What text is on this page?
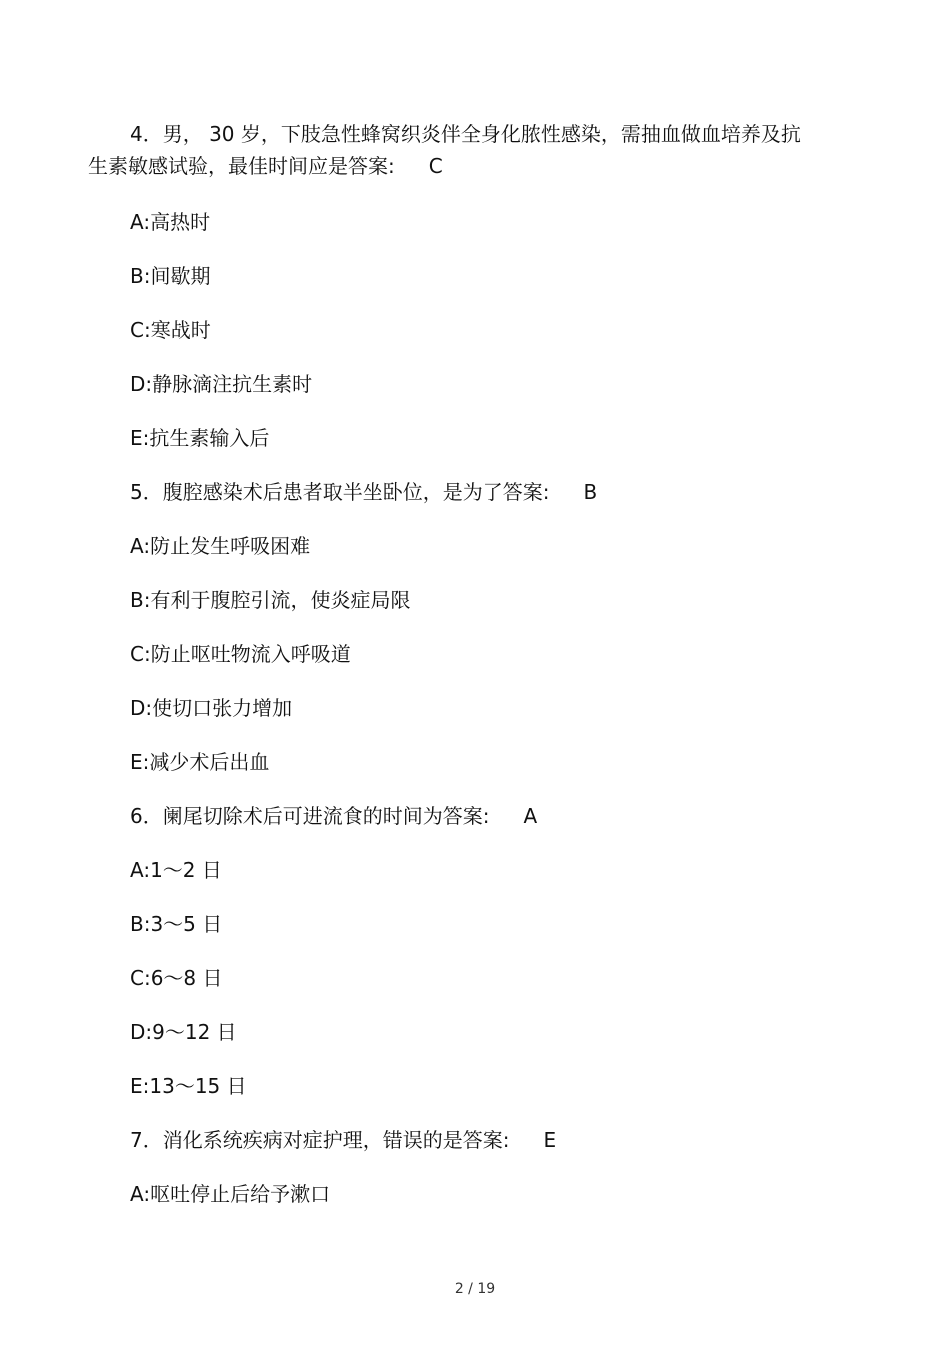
4．男， 30 岁，下肢急性蜂窝织炎伴全身化脓性感染，需抽血做血培养及抗
生素敏感试验，最佳时间应是答案: C
A:高热时
B:间歇期
C:寒战时
D:静脉滴注抗生素时
E:抗生素输入后
5．腹腔感染术后患者取半坐卧位，是为了答案: B
A:防止发生呼吸困难
B:有利于腹腔引流，使炎症局限
C:防止呕吐物流入呼吸道
D:使切口张力增加
E:减少术后出血
6．阑尾切除术后可进流食的时间为答案: A
A:1～2 日
B:3～5 日
C:6～8 日
D:9～12 日
E:13～15 日
7．消化系统疾病对症护理，错误的是答案: E
A:呕吐停止后给予漱口
2 / 19
